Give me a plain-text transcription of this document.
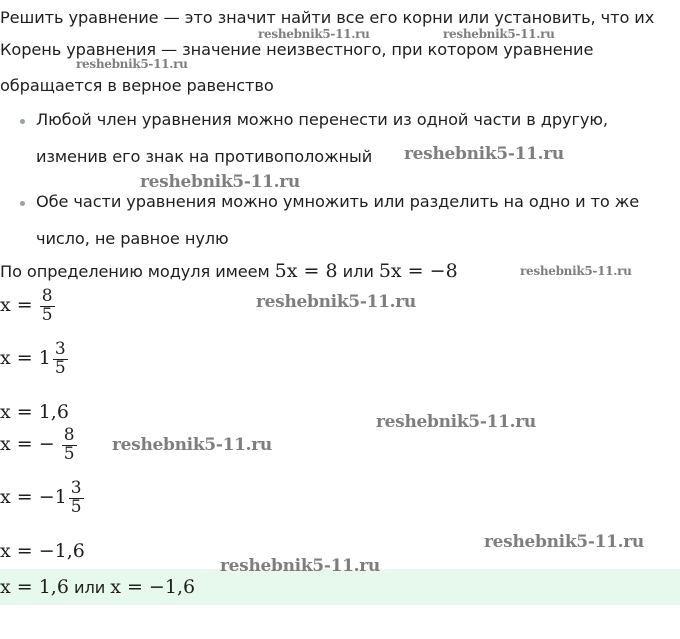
Решить уравнение — это значит найти все его корни или установить, что их
Корень уравнения — значение неизвестного, при котором уравнение
обращается в верное равенство
Любой член уравнения можно перенести из одной части в другую,
изменив его знак на противоположный
Обе части уравнения можно умножить или разделить на одно и то же
число, не равное нулю
По определению модуля имеем 5x = 8 или 5x = −8
$x = \frac{8}{5}$
$x = 1 \frac{3}{5}$
x = 1,6
x = − $\frac{8}{5}$
$x = -1 \frac{3}{5}$
x = −1,6
x = 1,6 или x = −1,6
reshebnik5-11.ru	reshebnik5-11.ru
reshebnik5-11.ru
reshebnik5-11.ru
reshebnik5-11.ru
reshebnik5-11.ru
reshebnik5-11.ru
reshebnik5-11.ru
reshebnik5-11.ru
reshebnik5-11.ru
reshebnik5-11.ru
